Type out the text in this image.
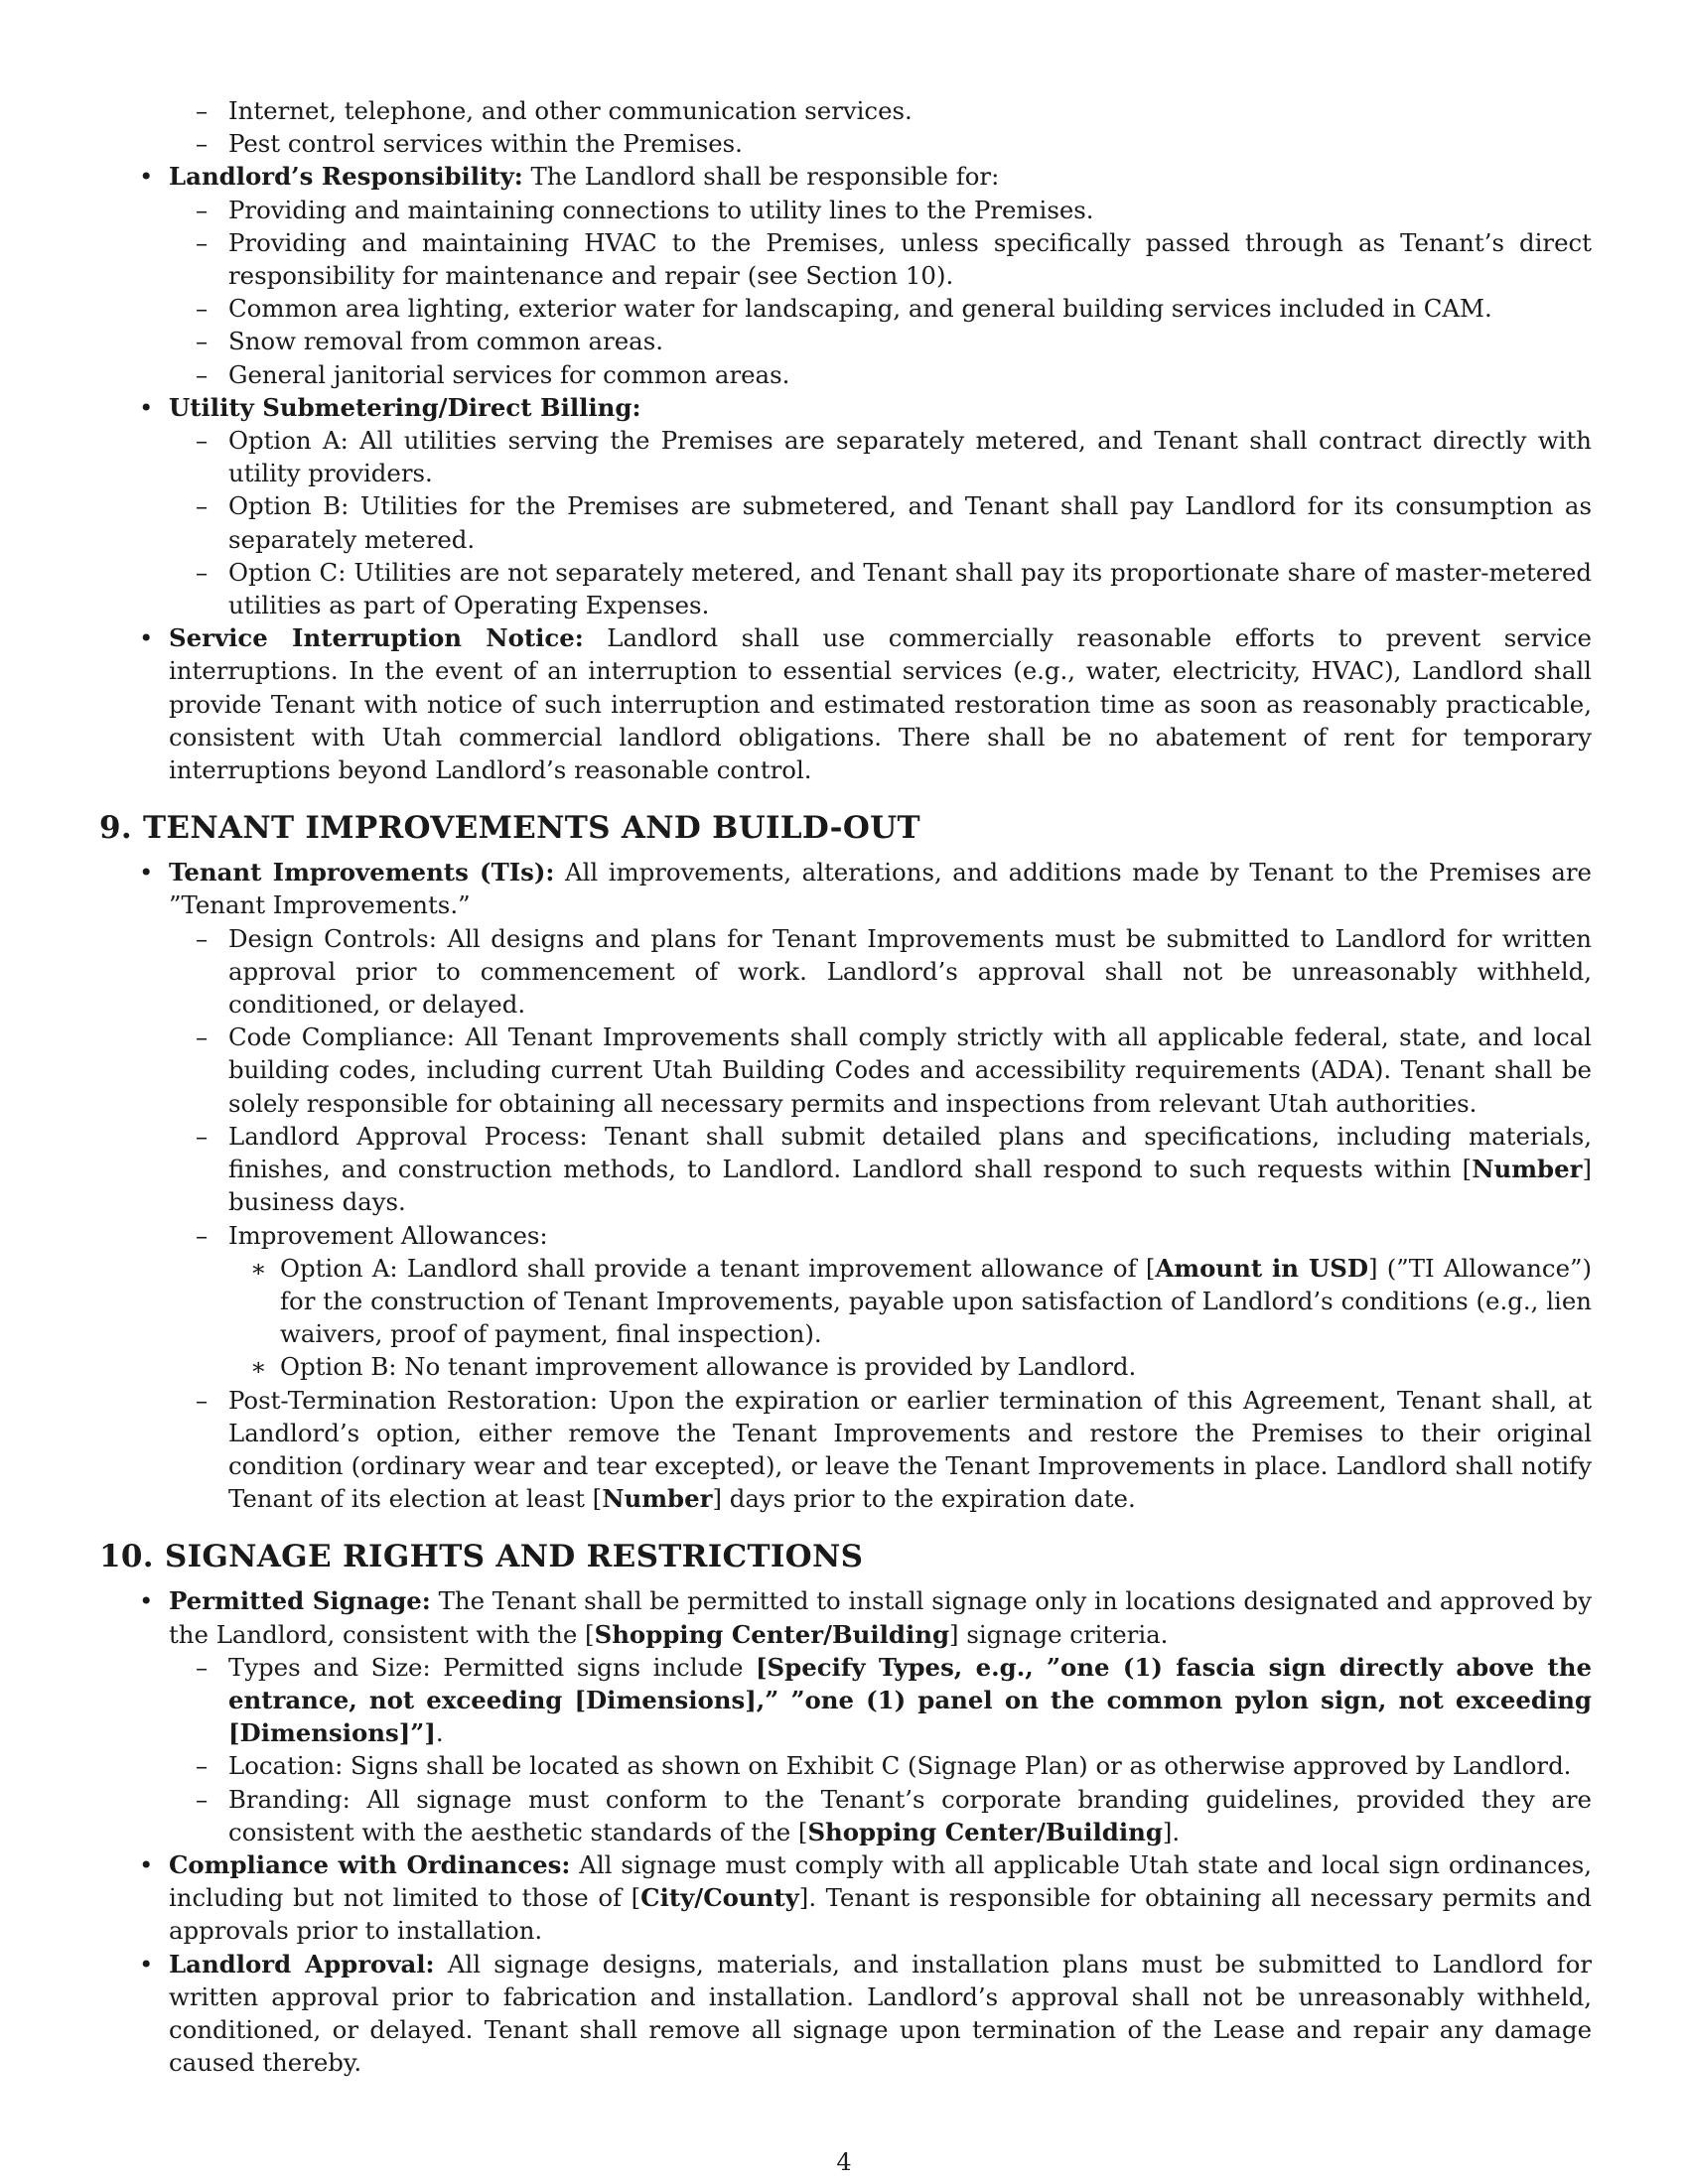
– Internet, telephone, and other communication services.
– Pest control services within the Premises.
• Landlord’s Responsibility: The Landlord shall be responsible for:
– Providing and maintaining connections to utility lines to the Premises.
– Providing and maintaining HVAC to the Premises, unless specifically passed through as Tenant’s direct responsibility for maintenance and repair (see Section 10).
– Common area lighting, exterior water for landscaping, and general building services included in CAM.
– Snow removal from common areas.
– General janitorial services for common areas.
• Utility Submetering/Direct Billing:
– Option A: All utilities serving the Premises are separately metered, and Tenant shall contract directly with utility providers.
– Option B: Utilities for the Premises are submetered, and Tenant shall pay Landlord for its consumption as separately metered.
– Option C: Utilities are not separately metered, and Tenant shall pay its proportionate share of master-metered utilities as part of Operating Expenses.
• Service Interruption Notice: Landlord shall use commercially reasonable efforts to prevent service interruptions. In the event of an interruption to essential services (e.g., water, electricity, HVAC), Landlord shall provide Tenant with notice of such interruption and estimated restoration time as soon as reasonably practicable, consistent with Utah commercial landlord obligations. There shall be no abatement of rent for temporary interruptions beyond Landlord’s reasonable control.
9. TENANT IMPROVEMENTS AND BUILD-OUT
• Tenant Improvements (TIs): All improvements, alterations, and additions made by Tenant to the Premises are ”Tenant Improvements.”
– Design Controls: All designs and plans for Tenant Improvements must be submitted to Landlord for written approval prior to commencement of work. Landlord’s approval shall not be unreasonably withheld, conditioned, or delayed.
– Code Compliance: All Tenant Improvements shall comply strictly with all applicable federal, state, and local building codes, including current Utah Building Codes and accessibility requirements (ADA). Tenant shall be solely responsible for obtaining all necessary permits and inspections from relevant Utah authorities.
– Landlord Approval Process: Tenant shall submit detailed plans and specifications, including materials, finishes, and construction methods, to Landlord. Landlord shall respond to such requests within [Number] business days.
– Improvement Allowances:
∗ Option A: Landlord shall provide a tenant improvement allowance of [Amount in USD] (”TI Allowance”) for the construction of Tenant Improvements, payable upon satisfaction of Landlord’s conditions (e.g., lien waivers, proof of payment, final inspection).
∗ Option B: No tenant improvement allowance is provided by Landlord.
– Post-Termination Restoration: Upon the expiration or earlier termination of this Agreement, Tenant shall, at Landlord’s option, either remove the Tenant Improvements and restore the Premises to their original condition (ordinary wear and tear excepted), or leave the Tenant Improvements in place. Landlord shall notify Tenant of its election at least [Number] days prior to the expiration date.
10. SIGNAGE RIGHTS AND RESTRICTIONS
• Permitted Signage: The Tenant shall be permitted to install signage only in locations designated and approved by the Landlord, consistent with the [Shopping Center/Building] signage criteria.
– Types and Size: Permitted signs include [Specify Types, e.g., ”one (1) fascia sign directly above the entrance, not exceeding [Dimensions],” ”one (1) panel on the common pylon sign, not exceeding [Dimensions]”].
– Location: Signs shall be located as shown on Exhibit C (Signage Plan) or as otherwise approved by Landlord.
– Branding: All signage must conform to the Tenant’s corporate branding guidelines, provided they are consistent with the aesthetic standards of the [Shopping Center/Building].
• Compliance with Ordinances: All signage must comply with all applicable Utah state and local sign ordinances, including but not limited to those of [City/County]. Tenant is responsible for obtaining all necessary permits and approvals prior to installation.
• Landlord Approval: All signage designs, materials, and installation plans must be submitted to Landlord for written approval prior to fabrication and installation. Landlord’s approval shall not be unreasonably withheld, conditioned, or delayed. Tenant shall remove all signage upon termination of the Lease and repair any damage caused thereby.
4
